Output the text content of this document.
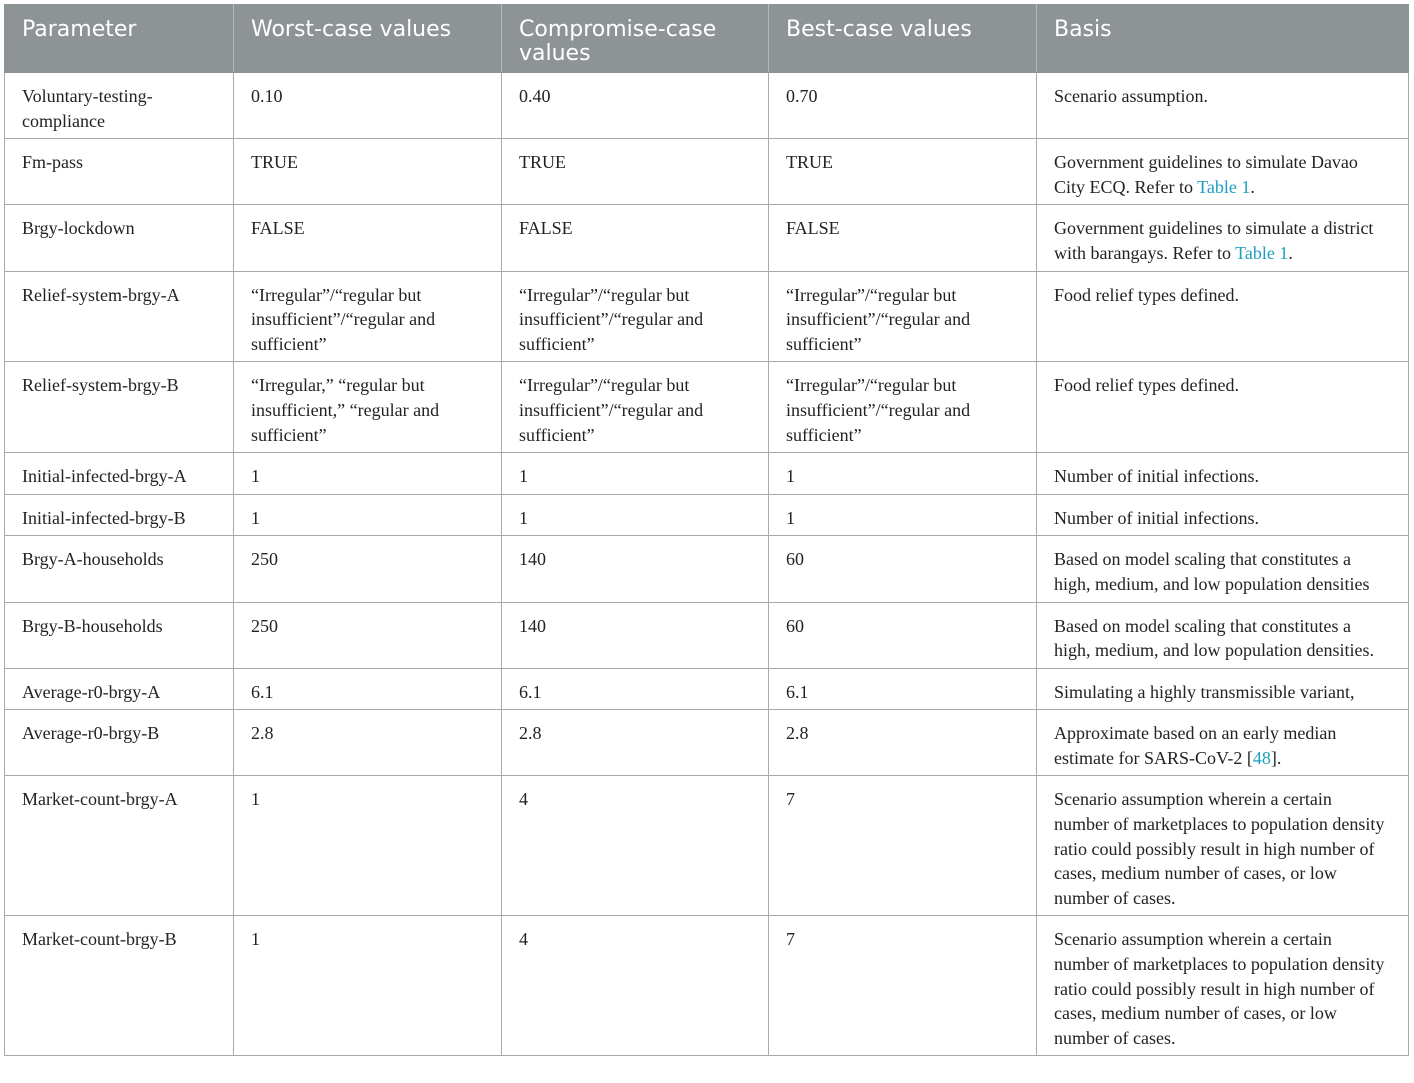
Parameter	Worst-case values	Compromise-case values	Best-case values	Basis
Voluntary-testing-compliance	0.10	0.40	0.70	Scenario assumption.
Fm-pass	TRUE	TRUE	TRUE	Government guidelines to simulate Davao City ECQ. Refer to Table 1.
Brgy-lockdown	FALSE	FALSE	FALSE	Government guidelines to simulate a district with barangays. Refer to Table 1.
Relief-system-brgy-A	“Irregular”/“regular but insufficient”/“regular and sufficient”	“Irregular”/“regular but insufficient”/“regular and sufficient”	“Irregular”/“regular but insufficient”/“regular and sufficient”	Food relief types defined.
Relief-system-brgy-B	“Irregular,” “regular but insufficient,” “regular and sufficient”	“Irregular”/“regular but insufficient”/“regular and sufficient”	“Irregular”/“regular but insufficient”/“regular and sufficient”	Food relief types defined.
Initial-infected-brgy-A	1	1	1	Number of initial infections.
Initial-infected-brgy-B	1	1	1	Number of initial infections.
Brgy-A-households	250	140	60	Based on model scaling that constitutes a high, medium, and low population densities
Brgy-B-households	250	140	60	Based on model scaling that constitutes a high, medium, and low population densities.
Average-r0-brgy-A	6.1	6.1	6.1	Simulating a highly transmissible variant,
Average-r0-brgy-B	2.8	2.8	2.8	Approximate based on an early median estimate for SARS-CoV-2 [48].
Market-count-brgy-A	1	4	7	Scenario assumption wherein a certain number of marketplaces to population density ratio could possibly result in high number of cases, medium number of cases, or low number of cases.
Market-count-brgy-B	1	4	7	Scenario assumption wherein a certain number of marketplaces to population density ratio could possibly result in high number of cases, medium number of cases, or low number of cases.
